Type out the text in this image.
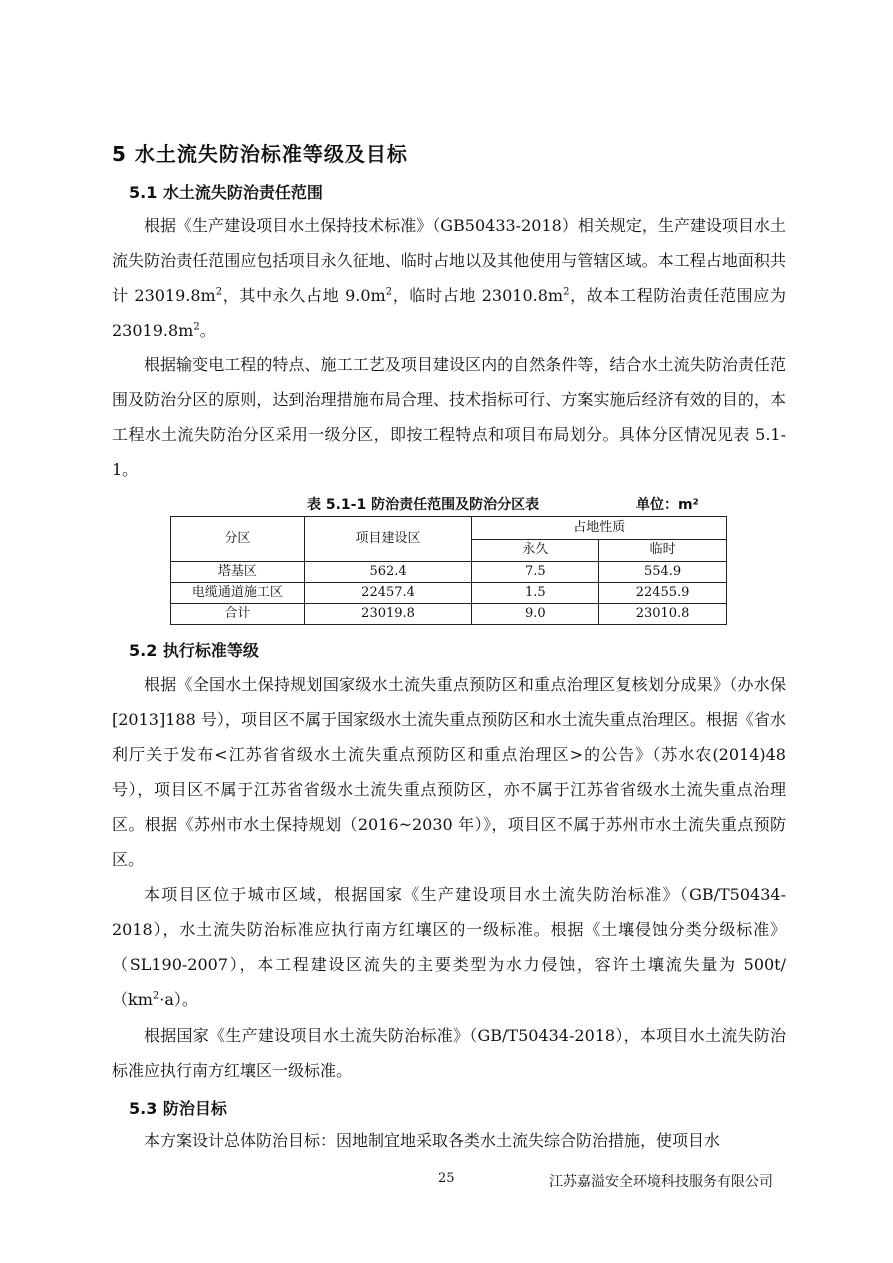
5 水土流失防治标准等级及目标
5.1 水土流失防治责任范围

根据《生产建设项目水土保持技术标准》（GB50433-2018）相关规定，生产建设项目水土流失防治责任范围应包括项目永久征地、临时占地以及其他使用与管辖区域。本工程占地面积共计 $23019.8m^2$，其中永久占地 $9.0m^2$，临时占地 $23010.8m^2$，故本工程防治责任范围应为 $23019.8m^2$。

根据输变电工程的特点、施工工艺及项目建设区内的自然条件等，结合水土流失防治责任范围及防治分区的原则，达到治理措施布局合理、技术指标可行、方案实施后经济有效的目的，本工程水土流失防治分区采用一级分区，即按工程特点和项目布局划分。具体分区情况见表 5.1-1。

表 5.1-1 防治责任范围及防治分区表	单位：m²
分区	项目建设区	占地性质	
		永久	临时
塔基区	562.4	7.5	554.9
电缆通道施工区	22457.4	1.5	22455.9
合计	23019.8	9.0	23010.8
5.2 执行标准等级

根据《全国水土保持规划国家级水土流失重点预防区和重点治理区复核划分成果》（办水保[2013]188 号），项目区不属于国家级水土流失重点预防区和水土流失重点治理区。根据《省水利厅关于发布<江苏省省级水土流失重点预防区和重点治理区>的公告》（苏水农(2014)48 号），项目区不属于江苏省省级水土流失重点预防区，亦不属于江苏省省级水土流失重点治理区。根据《苏州市水土保持规划（2016~2030 年）》，项目区不属于苏州市水土流失重点预防区。

本项目区位于城市区域，根据国家《生产建设项目水土流失防治标准》（GB/T50434-2018），水土流失防治标准应执行南方红壤区的一级标准。根据《土壤侵蚀分类分级标准》（SL190-2007），本工程建设区流失的主要类型为水力侵蚀，容许土壤流失量为 $500t/(km^2\cdot a)$。

根据国家《生产建设项目水土流失防治标准》（GB/T50434-2018），本项目水土流失防治标准应执行南方红壤区一级标准。

5.3 防治目标

本方案设计总体防治目标：因地制宜地采取各类水土流失综合防治措施，使项目水

25	江苏嘉溢安全环境科技服务有限公司
